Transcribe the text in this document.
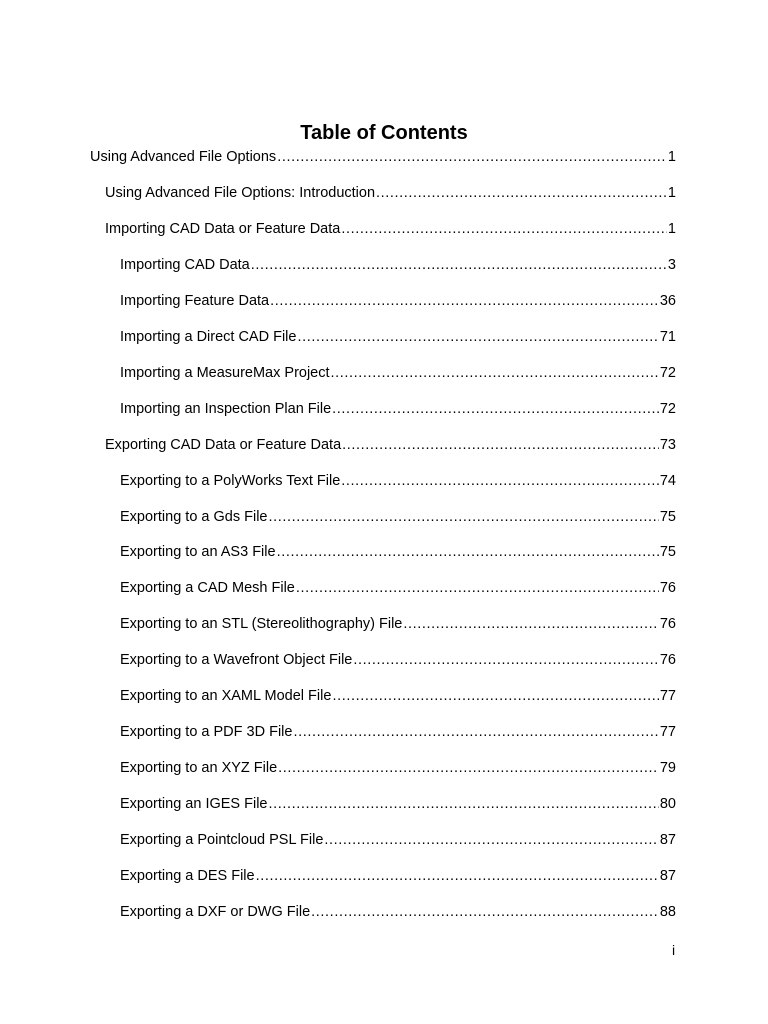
Table of Contents
Using Advanced File Options .....	1
Using Advanced File Options: Introduction .....	1
Importing CAD Data or Feature Data .....	1
Importing CAD Data .....	3
Importing Feature Data .....	36
Importing a Direct CAD File .....	71
Importing a MeasureMax Project .....	72
Importing an Inspection Plan File .....	72
Exporting CAD Data or Feature Data .....	73
Exporting to a PolyWorks Text File .....	74
Exporting to a Gds File .....	75
Exporting to an AS3 File .....	75
Exporting a CAD Mesh File .....	76
Exporting to an STL (Stereolithography) File .....	76
Exporting to a Wavefront Object File .....	76
Exporting to an XAML Model File .....	77
Exporting to a PDF 3D File .....	77
Exporting to an XYZ File .....	79
Exporting an IGES File .....	80
Exporting a Pointcloud PSL File .....	87
Exporting a DES File .....	87
Exporting a DXF or DWG File .....	88
i
